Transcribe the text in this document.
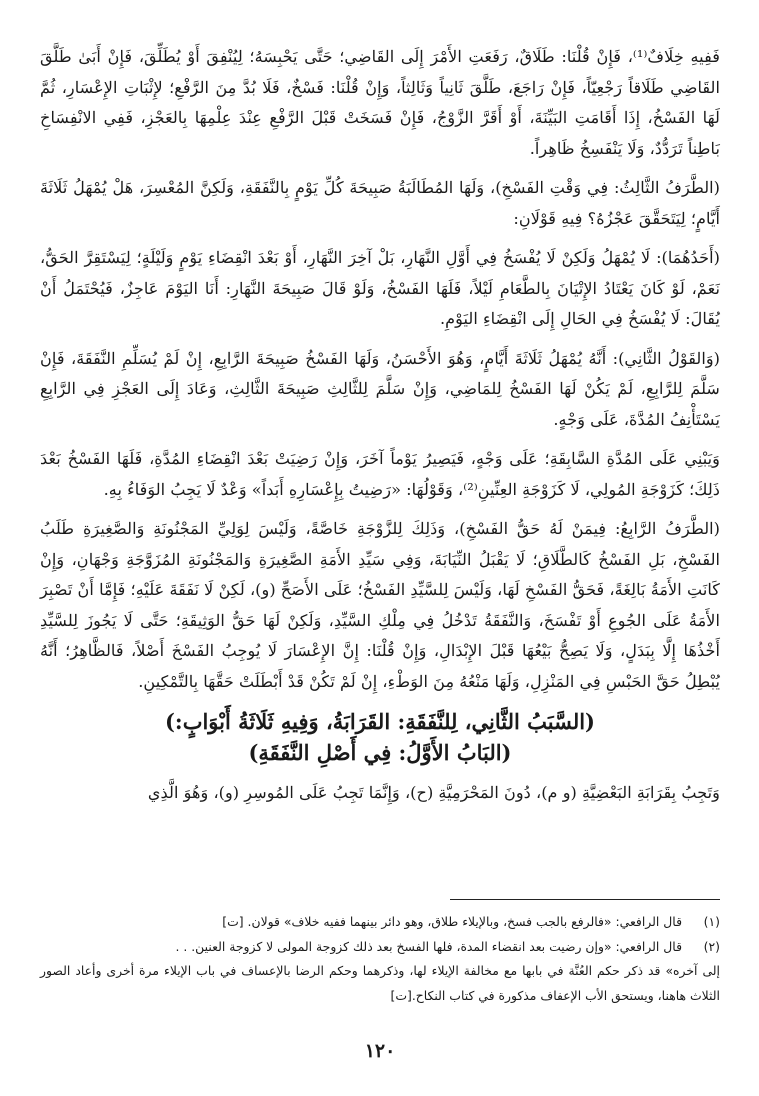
فَفِيهِ خِلَافٌ⁽¹⁾، فَإِنْ قُلْنَا: طَلَاقٌ، رَفَعَتِ الأَمْرَ إِلَى القَاضِي؛ حَتَّى يَحْبِسَهُ؛ لِيُنْفِقَ أَوْ يُطَلِّقَ، فَإِنْ أَبَىٰ طَلَّقَ القَاضِي طَلَاقاً رَجْعِيّاً، فَإِنْ رَاجَعَ، طَلَّقَ ثَانِياً وَثَالِثاً، وَإِنْ قُلْنَا: فَسْخٌ، فَلَا بُدَّ مِنَ الرَّفْعِ؛ لإِثْبَاتِ الإِعْسَارِ، ثُمَّ لَهَا الفَسْخُ، إِذَا أَقَامَتِ البَيِّنَةَ، أَوْ أَقَرَّ الزَّوْجُ، فَإِنْ فَسَخَتْ قَبْلَ الرَّفْعِ عِنْدَ عِلْمِهَا بِالعَجْزِ، فَفِي الانْفِسَاخِ بَاطِناً تَرَدُّدٌ، وَلَا يَنْفَسِخُ ظَاهِراً.

(الطَّرَفُ الثَّالِثُ: فِي وَقْتِ الفَسْخِ)، وَلَهَا المُطَالَبَةُ صَبِيحَةَ كُلِّ يَوْمٍ بِالنَّفَقَةِ، وَلَكِنَّ المُعْسِرَ، هَلْ يُمْهَلُ ثَلَاثَةَ أَيَّامٍ؛ لِيَتَحَقَّقَ عَجْزُهُ؟ فِيهِ قَوْلَانِ:

(أَحَدُهُمَا): لَا يُمْهَلُ وَلَكِنْ لَا يُفْسَخُ فِي أَوَّلِ النَّهَارِ، بَلْ آخِرَ النَّهَارِ، أَوْ بَعْدَ انْقِضَاءِ يَوْمٍ وَلَيْلَةٍ؛ لِيَسْتَقِرَّ الحَقُّ، نَعَمْ، لَوْ كَانَ يَعْتَادُ الإِتْيَانَ بِالطَّعَامِ لَيْلاً، فَلَهَا الفَسْخُ، وَلَوْ قَالَ صَبِيحَةَ النَّهَارِ: أَنَا اليَوْمَ عَاجِزٌ، فَيُحْتَمَلُ أَنْ يُقَالَ: لَا يُفْسَخُ فِي الحَالِ إِلَى انْقِضَاءِ اليَوْمِ.

(وَالقَوْلُ الثَّانِي): أَنَّهُ يُمْهَلُ ثَلَاثَةَ أَيَّامٍ، وَهُوَ الأَحْسَنُ، وَلَهَا الفَسْخُ صَبِيحَةَ الرَّابِعِ، إِنْ لَمْ يُسَلِّمِ النَّفَقَةَ، فَإِنْ سَلَّمَ لِلرَّابِعِ، لَمْ يَكُنْ لَهَا الفَسْخُ لِلمَاضِي، وَإِنْ سَلَّمَ لِلثَّالِثِ صَبِيحَةَ الثَّالِثِ، وَعَادَ إِلَى العَجْزِ فِي الرَّابِعِ يَسْتَأْنِفُ المُدَّةَ، عَلَى وَجْهٍ.

وَيَبْنِي عَلَى المُدَّةِ السَّابِقَةِ؛ عَلَى وَجْهٍ، فَيَصِيرُ يَوْماً آخَرَ، وَإِنْ رَضِيَتْ بَعْدَ انْقِضَاءِ المُدَّةِ، فَلَهَا الفَسْخُ بَعْدَ ذَلِكَ؛ كَزَوْجَةِ المُولِي، لَا كَزَوْجَةِ العِنِّينِ⁽²⁾، وَقَوْلُهَا: «رَضِيتُ بِإِعْسَارِهِ أَبَداً» وَعْدٌ لَا يَجِبُ الوَفَاءُ بِهِ.

(الطَّرَفُ الرَّابِعُ: فِيمَنْ لَهُ حَقُّ الفَسْخِ)، وَذَلِكَ لِلزَّوْجَةِ خَاصَّةً، وَلَيْسَ لِوَلِيِّ المَجْنُونَةِ وَالصَّغِيرَةِ طَلَبُ الفَسْخِ، بَلِ الفَسْخُ كَالطَّلَاقِ؛ لَا يَقْبَلُ النِّيَابَةَ، وَفِي سَيِّدِ الأَمَةِ الصَّغِيرَةِ وَالمَجْنُونَةِ المُزَوَّجَةِ وَجْهَانِ، وَإِنْ كَانَتِ الأَمَةُ بَالِغَةً، فَحَقُّ الفَسْخِ لَهَا، وَلَيْسَ لِلسَّيِّدِ الفَسْخُ؛ عَلَى الأَصَحِّ (و)، لَكِنْ لَا نَفَقَةَ عَلَيْهِ؛ فَإِمَّا أَنْ تَصْبِرَ الأَمَةُ عَلَى الجُوعِ أَوْ تَفْسَخَ، وَالنَّفَقَةُ تَدْخُلُ فِي مِلْكِ السَّيِّدِ، وَلَكِنْ لَهَا حَقُّ الوَثِيقَةِ؛ حَتَّى لَا يَجُوزَ لِلسَّيِّدِ أَخْذُهَا إِلَّا بِبَدَلٍ، وَلَا يَصِحُّ بَيْعُهَا قَبْلَ الإِبْدَالِ، وَإِنْ قُلْنَا: إِنَّ الإِعْسَارَ لَا يُوجِبُ الفَسْخَ أَصْلاً، فَالظَّاهِرُ؛ أَنَّهُ يُبْطِلُ حَقَّ الحَبْسِ فِي المَنْزِلِ، وَلَهَا مَنْعُهُ مِنَ الوَطْءِ، إِنْ لَمْ تَكُنْ قَدْ أَبْطَلَتْ حَقَّهَا بِالتَّمْكِينِ.

(السَّبَبُ الثَّانِي، لِلنَّفَقَةِ: القَرَابَةُ، وَفِيهِ ثَلَاثَةُ أَبْوَابٍ:)
(البَابُ الأَوَّلُ: فِي أَصْلِ النَّفَقَةِ)

وَتَجِبُ بِقَرَابَةِ البَعْضِيَّةِ (و م)، دُونَ المَحْرَمِيَّةِ (ح)، وَإِنَّمَا تَجِبُ عَلَى المُوسِرِ (و)، وَهُوَ الَّذِي

(١)
قال الرافعي: «فالرفع بالجب فسخ، وبالإيلاء طلاق، وهو دائر بينهما ففيه خلاف» قولان. [ت]
(٢)
قال الرافعي: «وإن رضيت بعد انقضاء المدة، فلها الفسخ بعد ذلك كزوجة المولى لا كزوجة العنين. . .
إلى آخره» قد ذكر حكم العُنَّة في بابها مع مخالفة الإيلاء لها، وذكرهما وحكم الرضا بالإعساف في باب الإيلاء مرة أخرى وأعاد الصور الثلاث هاهنا، ويستحق الأب الإعفاف مذكورة في كتاب النكاح.[ت]
١٢٠
